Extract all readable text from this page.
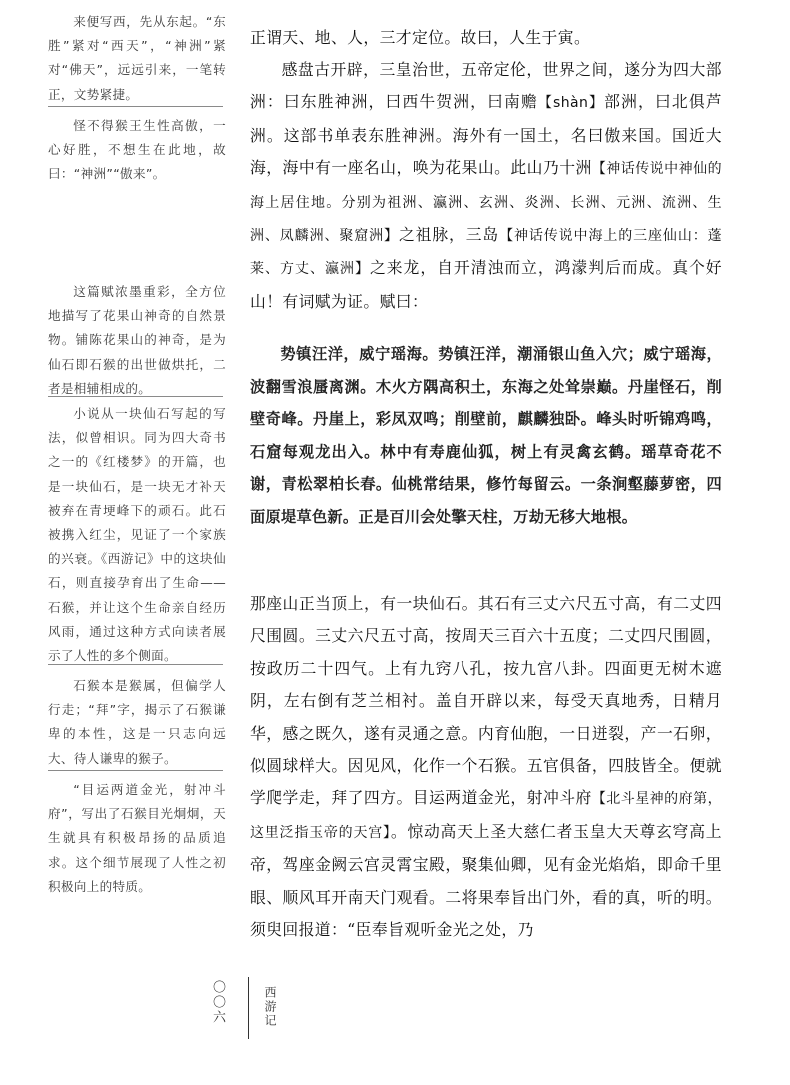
来便写西，先从东起。“东胜”紧对“西天”，“神洲”紧对“佛天”，远远引来，一笔转正，文势紧捷。

怪不得猴王生性高傲，一心好胜，不想生在此地，故曰：“神洲”“傲来”。

这篇赋浓墨重彩，全方位地描写了花果山神奇的自然景物。铺陈花果山的神奇，是为仙石即石猴的出世做烘托，二者是相辅相成的。

小说从一块仙石写起的写法，似曾相识。同为四大奇书之一的《红楼梦》的开篇，也是一块仙石，是一块无才补天被弃在青埂峰下的顽石。此石被携入红尘，见证了一个家族的兴衰。《西游记》中的这块仙石，则直接孕育出了生命——石猴，并让这个生命亲自经历风雨，通过这种方式向读者展示了人性的多个侧面。

石猴本是猴属，但偏学人行走；“拜”字，揭示了石猴谦卑的本性，这是一只志向远大、待人谦卑的猴子。

“目运两道金光，射冲斗府”，写出了石猴目光炯炯，天生就具有积极昂扬的品质追求。这个细节展现了人性之初积极向上的特质。

正谓天、地、人，三才定位。故曰，人生于寅。

感盘古开辟，三皇治世，五帝定伦，世界之间，遂分为四大部洲：曰东胜神洲，曰西牛贺洲，曰南赡【shàn】部洲，曰北俱芦洲。这部书单表东胜神洲。海外有一国土，名曰傲来国。国近大海，海中有一座名山，唤为花果山。此山乃十洲【神话传说中神仙的海上居住地。分别为祖洲、瀛洲、玄洲、炎洲、长洲、元洲、流洲、生洲、凤麟洲、聚窟洲】之祖脉，三岛【神话传说中海上的三座仙山：蓬莱、方丈、瀛洲】之来龙，自开清浊而立，鸿濛判后而成。真个好山！有词赋为证。赋曰：

势镇汪洋，威宁瑶海。势镇汪洋，潮涌银山鱼入穴；威宁瑶海，波翻雪浪蜃离渊。木火方隅高积土，东海之处耸崇巅。丹崖怪石，削壁奇峰。丹崖上，彩凤双鸣；削壁前，麒麟独卧。峰头时听锦鸡鸣，石窟每观龙出入。林中有寿鹿仙狐，树上有灵禽玄鹤。瑶草奇花不谢，青松翠柏长春。仙桃常结果，修竹每留云。一条涧壑藤萝密，四面原堤草色新。正是百川会处擎天柱，万劫无移大地根。

那座山正当顶上，有一块仙石。其石有三丈六尺五寸高，有二丈四尺围圆。三丈六尺五寸高，按周天三百六十五度；二丈四尺围圆，按政历二十四气。上有九窍八孔，按九宫八卦。四面更无树木遮阴，左右倒有芝兰相衬。盖自开辟以来，每受天真地秀，日精月华，感之既久，遂有灵通之意。内育仙胞，一日迸裂，产一石卵，似圆球样大。因见风，化作一个石猴。五官俱备，四肢皆全。便就学爬学走，拜了四方。目运两道金光，射冲斗府【北斗星神的府第，这里泛指玉帝的天宫】。惊动高天上圣大慈仁者玉皇大天尊玄穹高上帝，驾座金阙云宫灵霄宝殿，聚集仙卿，见有金光焰焰，即命千里眼、顺风耳开南天门观看。二将果奉旨出门外，看的真，听的明。须臾回报道：“臣奉旨观听金光之处，乃

〇〇六	西游记
